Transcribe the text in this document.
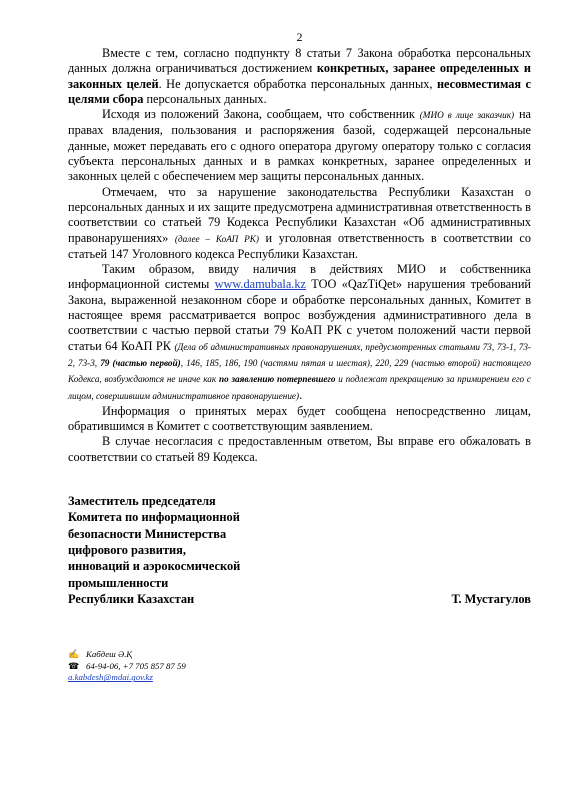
2

Вместе с тем, согласно подпункту 8 статьи 7 Закона обработка персональных данных должна ограничиваться достижением конкретных, заранее определенных и законных целей. Не допускается обработка персональных данных, несовместимая с целями сбора персональных данных.

Исходя из положений Закона, сообщаем, что собственник (МИО в лице заказчик) на правах владения, пользования и распоряжения базой, содержащей персональные данные, может передавать его с одного оператора другому оператору только с согласия субъекта персональных данных и в рамках конкретных, заранее определенных и законных целей с обеспечением мер защиты персональных данных.

Отмечаем, что за нарушение законодательства Республики Казахстан о персональных данных и их защите предусмотрена административная ответственность в соответствии со статьей 79 Кодекса Республики Казахстан «Об административных правонарушениях» (далее – КоАП РК) и уголовная ответственность в соответствии со статьей 147 Уголовного кодекса Республики Казахстан.

Таким образом, ввиду наличия в действиях МИО и собственника информационной системы www.damubala.kz ТОО «QazTiQet» нарушения требований Закона, выраженной незаконном сборе и обработке персональных данных, Комитет в настоящее время рассматривается вопрос возбуждения административного дела в соответствии с частью первой статьи 79 КоАП РК с учетом положений части первой статьи 64 КоАП РК (Дела об административных правонарушениях, предусмотренных статьями 73, 73-1, 73-2, 73-3, 79 (частью первой), 146, 185, 186, 190 (частями пятая и шестая), 220, 229 (частью второй) настоящего Кодекса, возбуждаются не иначе как по заявлению потерпевшего и подлежат прекращению за примирением его с лицом, совершившим административное правонарушение).

Информация о принятых мерах будет сообщена непосредственно лицам, обратившимся в Комитет с соответствующим заявлением.

В случае несогласия с предоставленным ответом, Вы вправе его обжаловать в соответствии со статьей 89 Кодекса.

Заместитель председателя
Комитета по информационной
безопасности Министерства
цифрового развития,
инноваций и аэрокосмической
промышленности
Республики Казахстан	Т. Мустагулов
✍ Кабдеш Ә.Қ
☎ 64-94-06, +7 705 857 87 59
a.kabdesh@mdai.gov.kz
